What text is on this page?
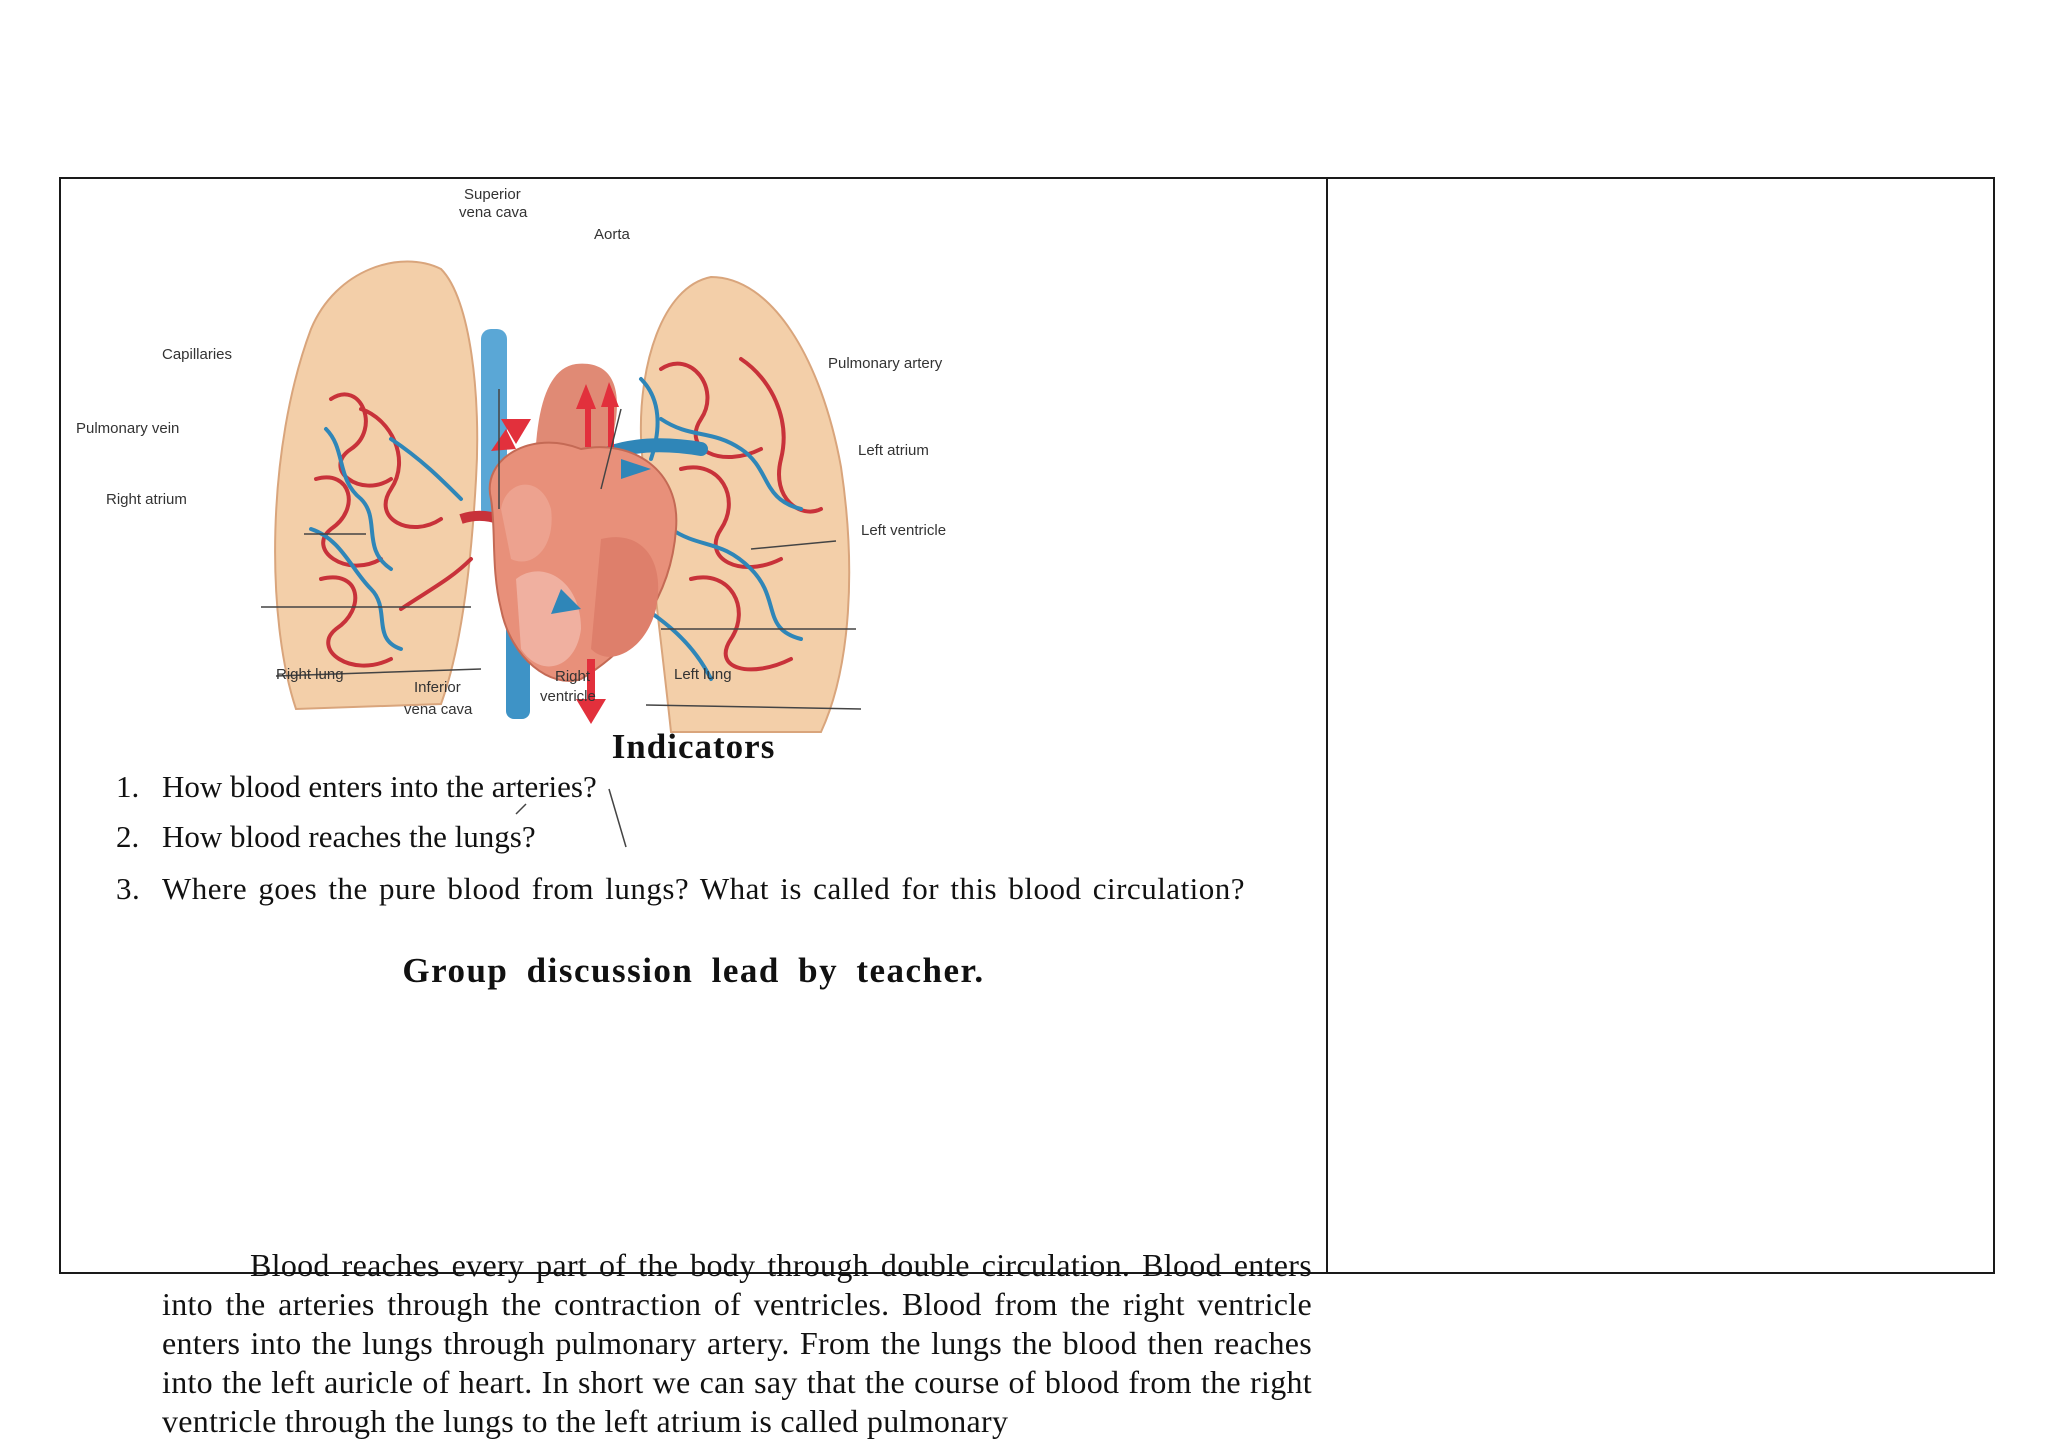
Superior
vena cava
Aorta
Capillaries
Pulmonary artery
Pulmonary vein
Left atrium
Right atrium
Left ventricle
Right lung	Left lung
Inferior
vena cava
Right
ventricle
Indicators
1. How blood enters into the arteries?
2. How blood reaches the lungs?
3. Where goes the pure blood from lungs? What is called for this blood circulation?
Group discussion lead by teacher.

Blood reaches every part of the body through double circulation. Blood enters into the arteries through the contraction of ventricles. Blood from the right ventricle enters into the lungs through pulmonary artery. From the lungs the blood then reaches into the left auricle of heart. In short we can say that the course of blood from the right ventricle through the lungs to the left atrium is called pulmonary
